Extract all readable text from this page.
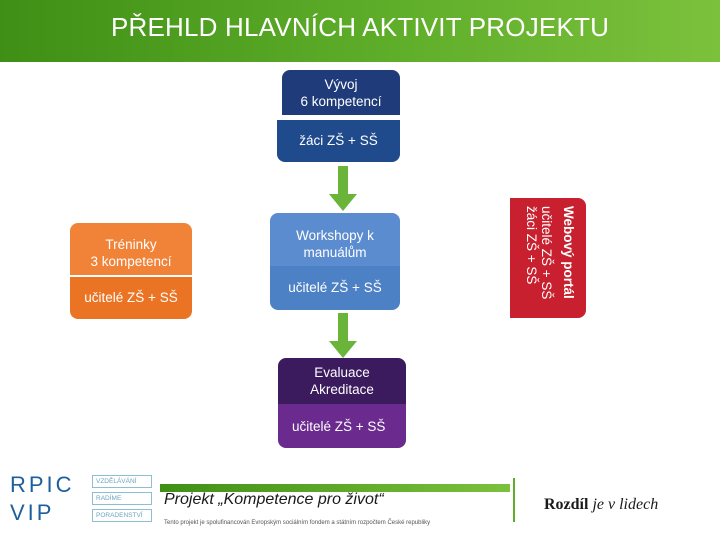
PŘEHLD HLAVNÍCH AKTIVIT PROJEKTU
Vývoj
6 kompetencí
žáci ZŠ + SŠ
Tréninky
3 kompetencí
učitelé ZŠ + SŠ
Workshopy k
manuálům
učitelé ZŠ + SŠ	Webový portál
učitelé ZŠ + SŠ
žáci ZŠ + SŠ
Evaluace
Akreditace
učitelé ZŠ + SŠ
RPIC
VIP
VZDĚLÁVÁNÍ
RADÍME
PORADENSTVÍ
Projekt „Kompetence pro život“
Tento projekt je spolufinancován Evropským sociálním fondem a státním rozpočtem České republiky
Rozdíl je v lidech
